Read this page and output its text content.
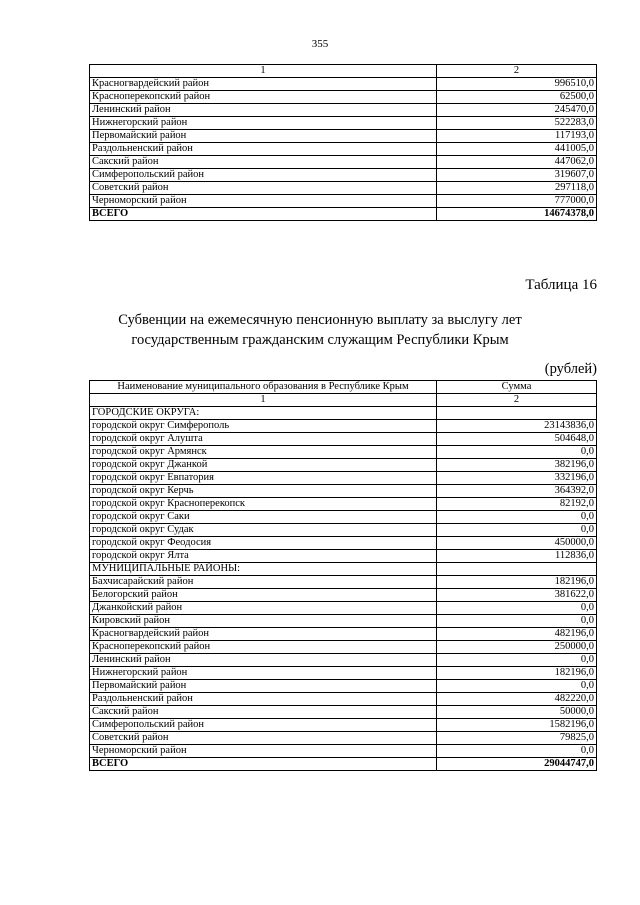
355
1	2
Красногвардейский район	996510,0
Красноперекопский район	62500,0
Ленинский район	245470,0
Нижнегорский район	522283,0
Первомайский район	117193,0
Раздольненский район	441005,0
Сакский район	447062,0
Симферопольский район	319607,0
Советский район	297118,0
Черноморский район	777000,0
ВСЕГО	14674378,0
Таблица 16
Субвенции на ежемесячную пенсионную выплату за выслугу лет
государственным гражданским служащим Республики Крым
(рублей)
Наименование муниципального образования в Республике Крым	Сумма
1	2
ГОРОДСКИЕ ОКРУГА:	
городской округ Симферополь	23143836,0
городской округ Алушта	504648,0
городской округ Армянск	0,0
городской округ Джанкой	382196,0
городской округ Евпатория	332196,0
городской округ Керчь	364392,0
городской округ Красноперекопск	82192,0
городской округ Саки	0,0
городской округ Судак	0,0
городской округ Феодосия	450000,0
городской округ Ялта	112836,0
МУНИЦИПАЛЬНЫЕ РАЙОНЫ:	
Бахчисарайский район	182196,0
Белогорский район	381622,0
Джанкойский район	0,0
Кировский район	0,0
Красногвардейский район	482196,0
Красноперекопский район	250000,0
Ленинский район	0,0
Нижнегорский район	182196,0
Первомайский район	0,0
Раздольненский район	482220,0
Сакский район	50000,0
Симферопольский район	1582196,0
Советский район	79825,0
Черноморский район	0,0
ВСЕГО	29044747,0
